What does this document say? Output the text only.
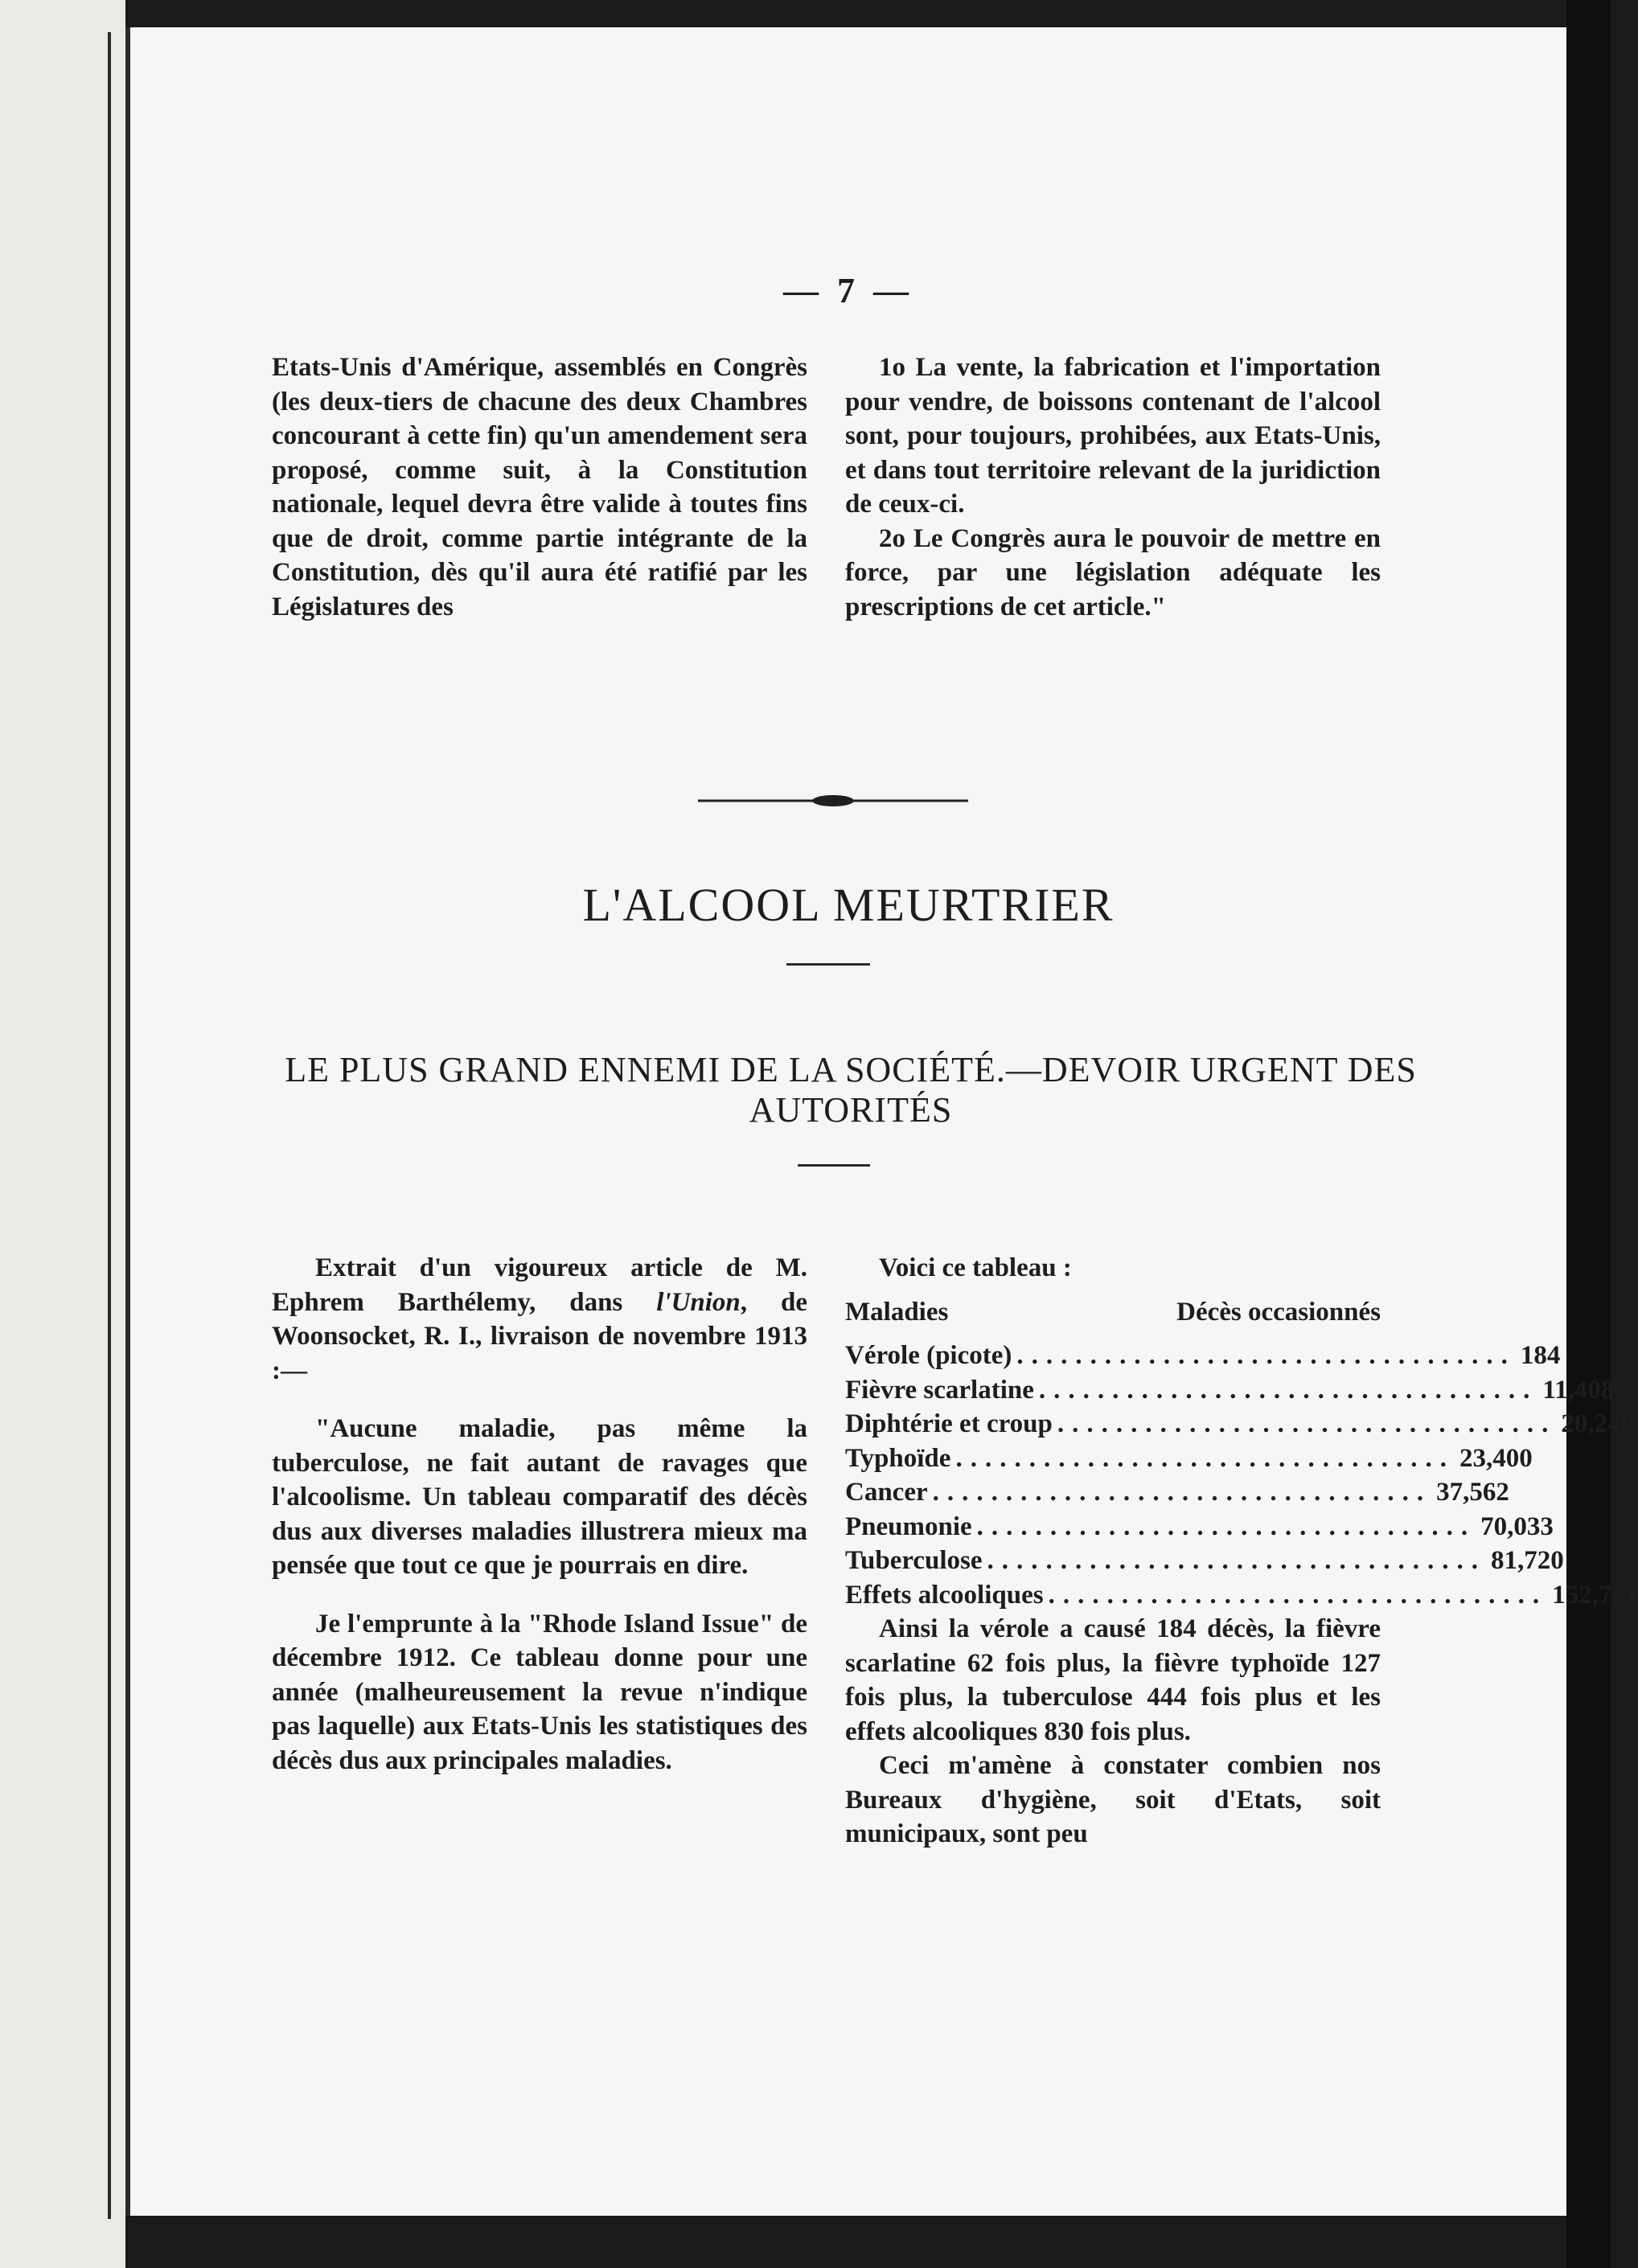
— 7 —

Etats-Unis d'Amérique, assemblés en Congrès (les deux-tiers de chacune des deux Chambres concourant à cette fin) qu'un amendement sera proposé, comme suit, à la Constitution nationale, lequel devra être valide à toutes fins que de droit, comme partie intégrante de la Constitution, dès qu'il aura été ratifié par les Législatures des

1o La vente, la fabrication et l'importation pour vendre, de boissons contenant de l'alcool sont, pour toujours, prohibées, aux Etats-Unis, et dans tout territoire relevant de la juridiction de ceux-ci.

2o Le Congrès aura le pouvoir de mettre en force, par une législation adéquate les prescriptions de cet article."

L'ALCOOL MEURTRIER
LE PLUS GRAND ENNEMI DE LA SOCIÉTÉ.—DEVOIR URGENT DES AUTORITÉS

Extrait d'un vigoureux article de M. Ephrem Barthélemy, dans l'Union, de Woonsocket, R. I., livraison de novembre 1913 :—

"Aucune maladie, pas même la tuberculose, ne fait autant de ravages que l'alcoolisme. Un tableau comparatif des décès dus aux diverses maladies illustrera mieux ma pensée que tout ce que je pourrais en dire.

Je l'emprunte à la "Rhode Island Issue" de décembre 1912. Ce tableau donne pour une année (malheureusement la revue n'indique pas laquelle) aux Etats-Unis les statistiques des décès dus aux principales maladies.

Voici ce tableau :

Maladies	Décès occasionnés
Vérole (picote) .................................. 184
Fièvre scarlatine .................................. 11,408
Diphtérie et croup .................................. 20,240
Typhoïde .................................. 23,400
Cancer .................................. 37,562
Pneumonie .................................. 70,033
Tuberculose .................................. 81,720
Effets alcooliques .................................. 152,781

Ainsi la vérole a causé 184 décès, la fièvre scarlatine 62 fois plus, la fièvre typhoïde 127 fois plus, la tuberculose 444 fois plus et les effets alcooliques 830 fois plus.

Ceci m'amène à constater combien nos Bureaux d'hygiène, soit d'Etats, soit municipaux, sont peu
